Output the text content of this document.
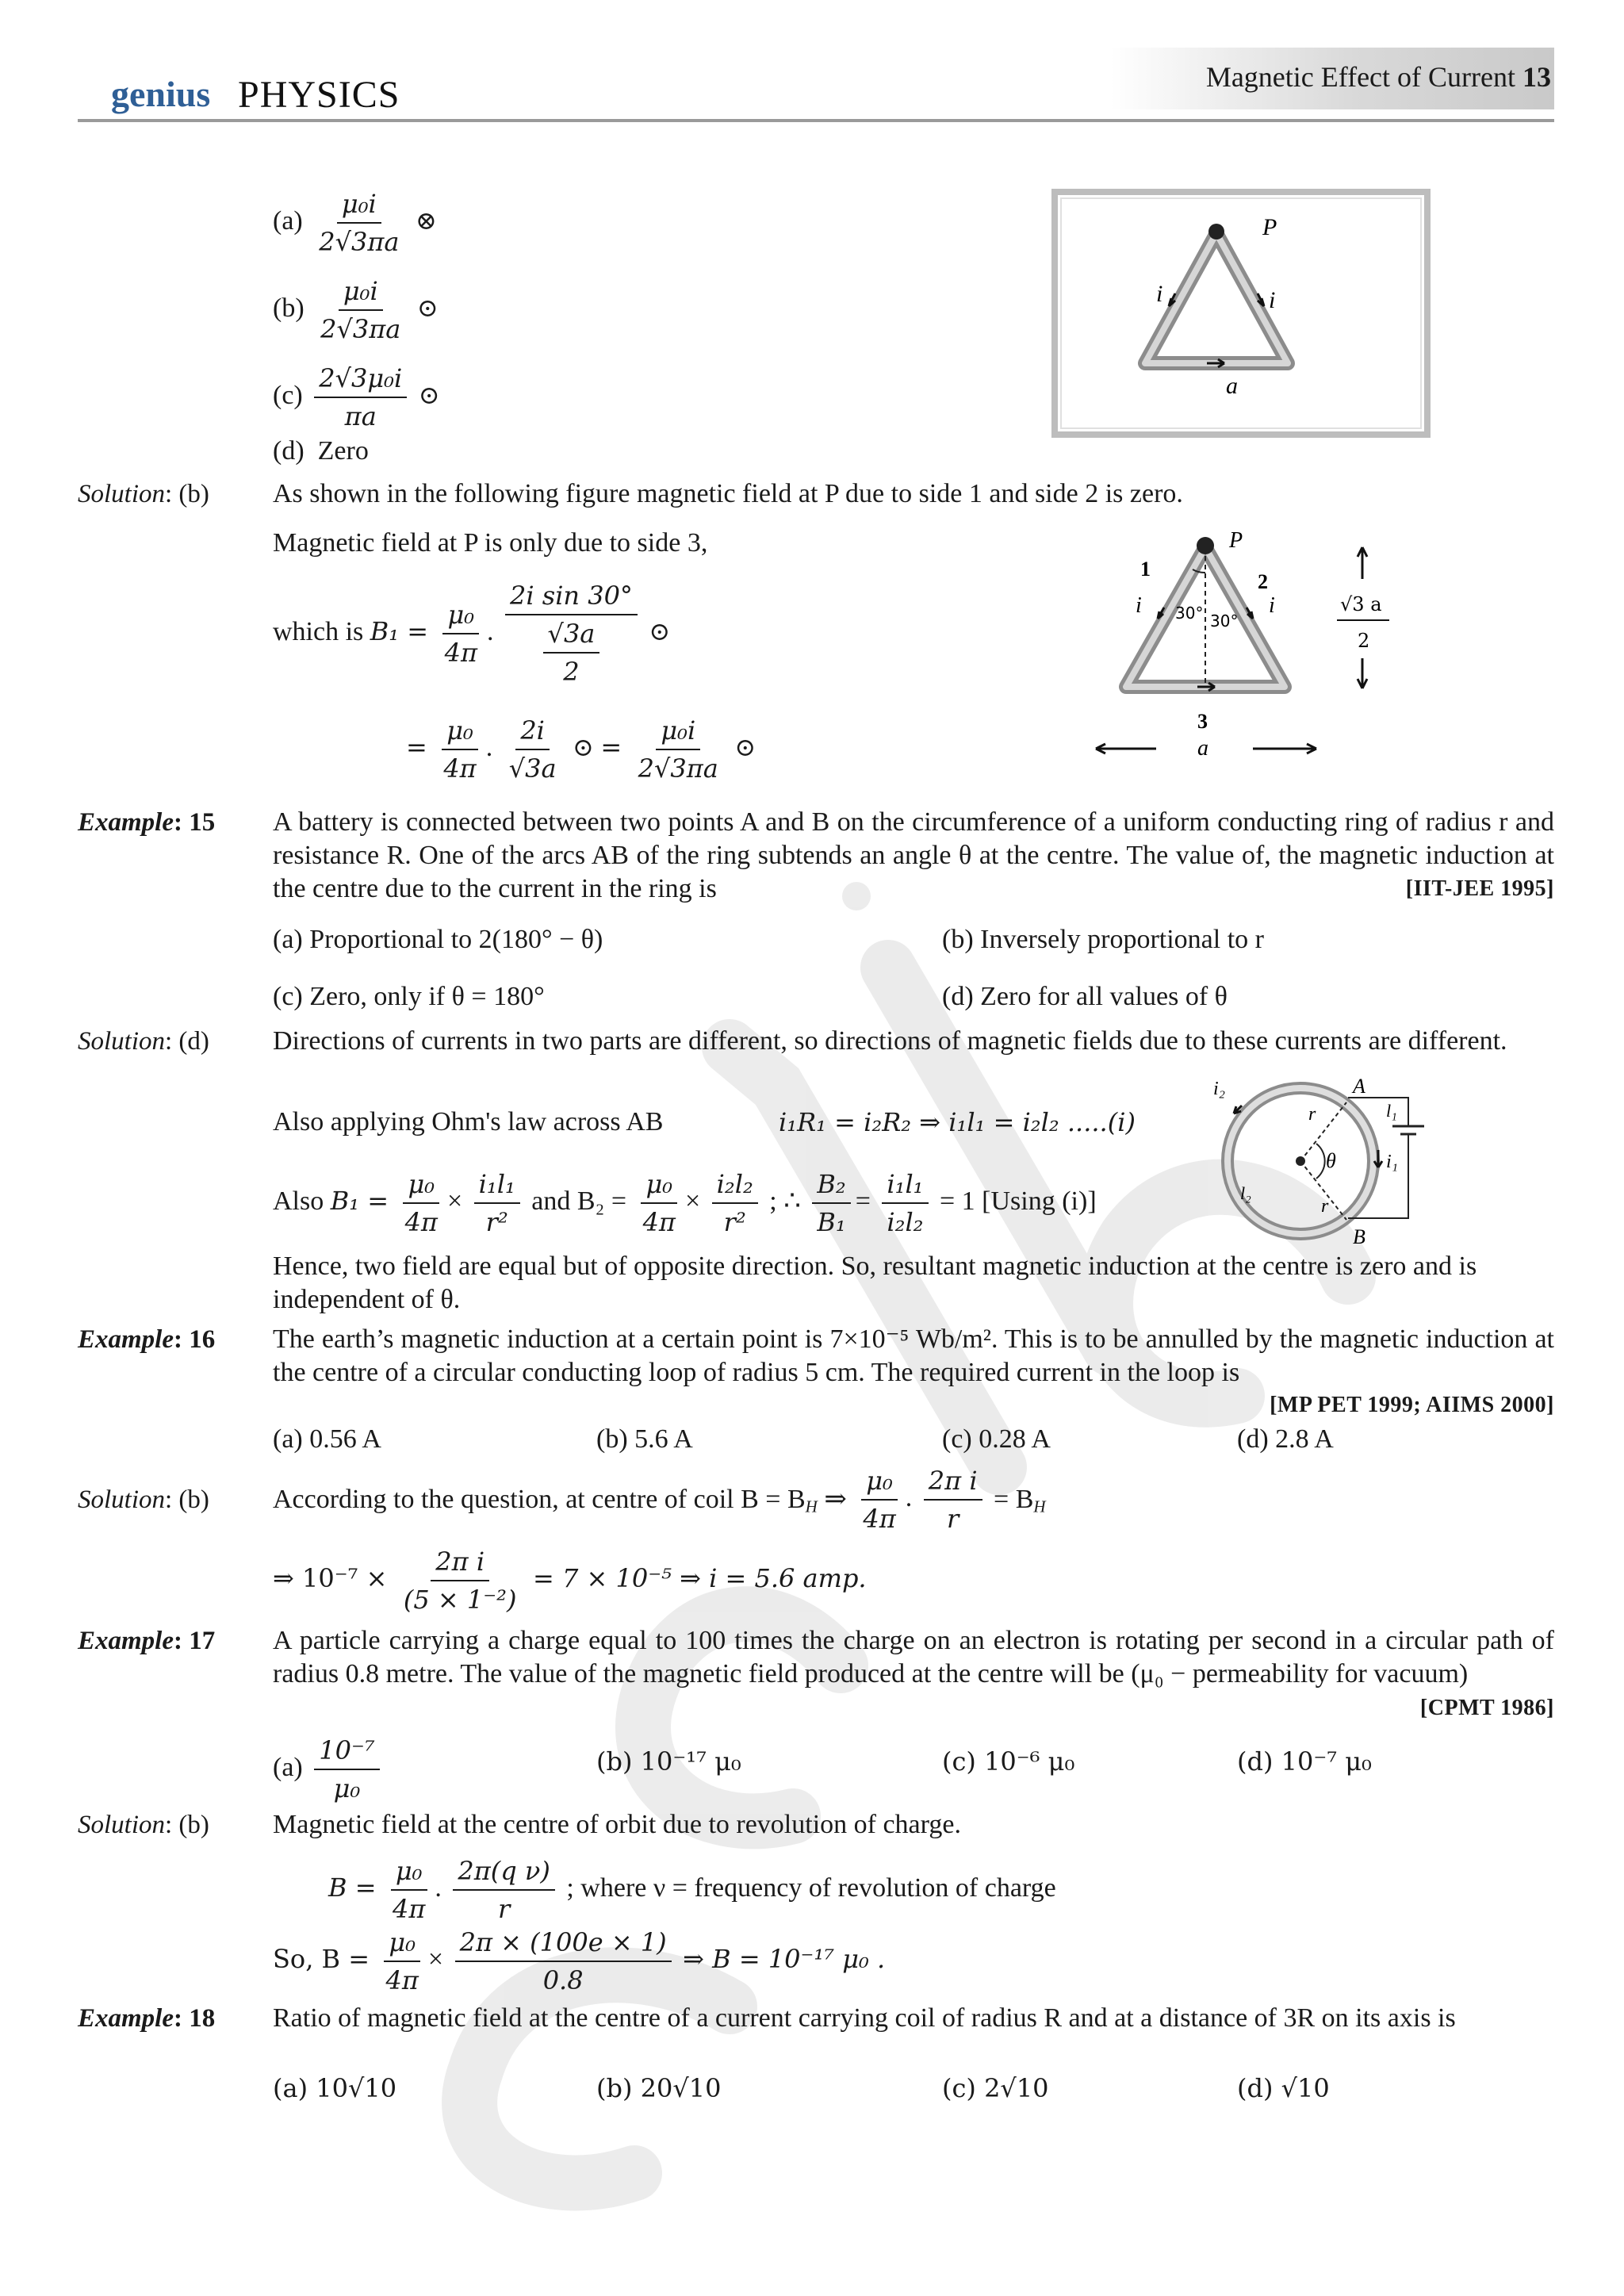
genius PHYSICS	Magnetic Effect of Current 13
$(a) \frac{\text{μ₀i}}{2√3\pi a}$ ⊗
$(b) \frac{\text{μ₀i}}{2√3\pi a}$ ⊙
$(c) \frac{\text{2√3μ₀i}}{\pi a}$ ⊙
(d) Zero
P
i	i
a
Solution: (b) As shown in the following figure magnetic field at P due to side 1 and side 2 is zero.
Magnetic field at P is only due to side 3,
which is $B_1 = \frac{\text{μ₀}}{4\pi}$ . $\frac{\text{2i sin 30°}}{\frac{√3a}{2}}$ ⊙
= $\frac{\text{μ₀}}{4\pi}$ . $\frac{2i}{√3a}$ ⊙ = $\frac{\text{μ₀i}}{2√3\pi a}$ ⊙
P
1
2
3
i	i
30° 30°
a
√3 a
2
Example: 15 A battery is connected between two points A and B on the circumference of a uniform conducting ring of radius r and resistance R. One of the arcs AB of the ring subtends an angle θ at the centre. The value of, the magnetic induction at the centre due to the current in the ring is	[IIT-JEE 1995]
(a) Proportional to 2(180° − θ)	(b) Inversely proportional to r
(c) Zero, only if θ = 180°	(d) Zero for all values of θ
Solution: (d) Directions of currents in two parts are different, so directions of magnetic fields due to these currents are different.
Also applying Ohm's law across AB	i₁R₁ = i₂R₂ ⇒ i₁l₁ = i₂l₂ .....(i)
Also $B_1 = \frac{\text{μ₀}}{4\pi} \times \frac{\text{i₁l₁}}{\text{r²}}$ and $B_2 = \frac{\text{μ₀}}{4\pi} \times \frac{\text{i₂l₂}}{\text{r²}}$ ; ∴ $\frac{\text{B₂}}{\text{B₁}} = \frac{\text{i₁l₁}}{\text{i₂l₂}} = 1$ [Using (i)]
i₂	A
B
r
r
θ
l₁
l₂
i₁
Hence, two field are equal but of opposite direction. So, resultant magnetic induction at the centre is zero and is independent of θ.
Example: 16 The earth’s magnetic induction at a certain point is 7×10⁻⁵ Wb/m². This is to be annulled by the magnetic induction at the centre of a circular conducting loop of radius 5 cm. The required current in the loop is
[MP PET 1999; AIIMS 2000]
(a) 0.56 A	(b) 5.6 A	(c) 0.28 A	(d) 2.8 A
Solution: (b) According to the question, at centre of coil $B = B_H$ ⇒ $\frac{\text{μ₀}}{4\pi}$ . $\frac{\text{2π i}}{r} = B_H$
⇒ $10^{-7} \times \frac{\text{2π i}}{\text{(5 × 1⁻²)}} = 7 \times 10^{-5}$ ⇒ i = 5.6 amp.
Example: 17 A particle carrying a charge equal to 100 times the charge on an electron is rotating per second in a circular path of radius 0.8 metre. The value of the magnetic field produced at the centre will be (μ₀ − permeability for vacuum)
[CPMT 1986]
$(a) \frac{\text{10⁻⁷}}{\text{μ₀}}$	(b) 10⁻¹⁷ μ₀	(c) 10⁻⁶ μ₀	(d) 10⁻⁷ μ₀
Solution: (b) Magnetic field at the centre of orbit due to revolution of charge.
$B = \frac{\text{μ₀}}{4\pi}$ . $\frac{\text{2π(q ν)}}{r}$ ; where ν = frequency of revolution of charge
So, $B = \frac{\text{μ₀}}{4\pi} \times \frac{2\pi \times (100e \times 1)}{0.8}$ ⇒ B = 10⁻¹⁷ μ₀ .
Example: 18 Ratio of magnetic field at the centre of a current carrying coil of radius R and at a distance of 3R on its axis is
(a) 10√10	(b) 20√10	(c) 2√10	(d) √10
